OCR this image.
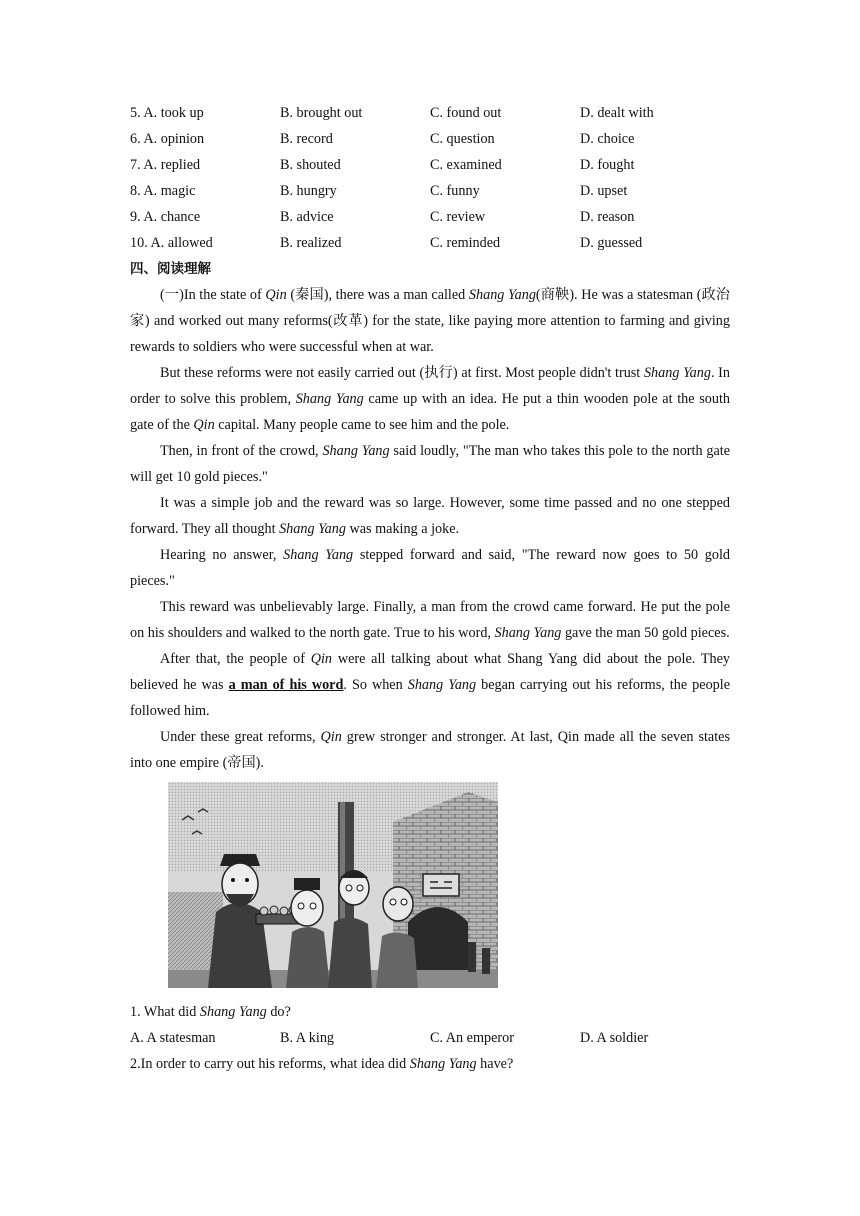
5. A. took up	B. brought out	C. found out	D. dealt with
6. A. opinion	B. record	C. question	D. choice
7. A. replied	B. shouted	C. examined	D. fought
8. A. magic	B. hungry	C. funny	D. upset
9. A. chance	B. advice	C. review	D. reason
10. A. allowed	B. realized	C. reminded	D. guessed
四、阅读理解

(一)In the state of Qin (秦国), there was a man called Shang Yang(商鞅). He was a statesman (政治家) and worked out many reforms(改革) for the state, like paying more attention to farming and giving rewards to soldiers who were successful when at war.

But these reforms were not easily carried out (执行) at first. Most people didn't trust Shang Yang. In order to solve this problem, Shang Yang came up with an idea. He put a thin wooden pole at the south gate of the Qin capital. Many people came to see him and the pole.

Then, in front of the crowd, Shang Yang said loudly, "The man who takes this pole to the north gate will get 10 gold pieces."

It was a simple job and the reward was so large. However, some time passed and no one stepped forward. They all thought Shang Yang was making a joke.

Hearing no answer, Shang Yang stepped forward and said, "The reward now goes to 50 gold pieces."

This reward was unbelievably large. Finally, a man from the crowd came forward. He put the pole on his shoulders and walked to the north gate. True to his word, Shang Yang gave the man 50 gold pieces.

After that, the people of Qin were all talking about what Shang Yang did about the pole. They believed he was a man of his word. So when Shang Yang began carrying out his reforms, the people followed him.

Under these great reforms, Qin grew stronger and stronger. At last, Qin made all the seven states into one empire (帝国).

1. What did Shang Yang do?
A. A statesman	B. A king	C. An emperor	D. A soldier
2.In order to carry out his reforms, what idea did Shang Yang have?
